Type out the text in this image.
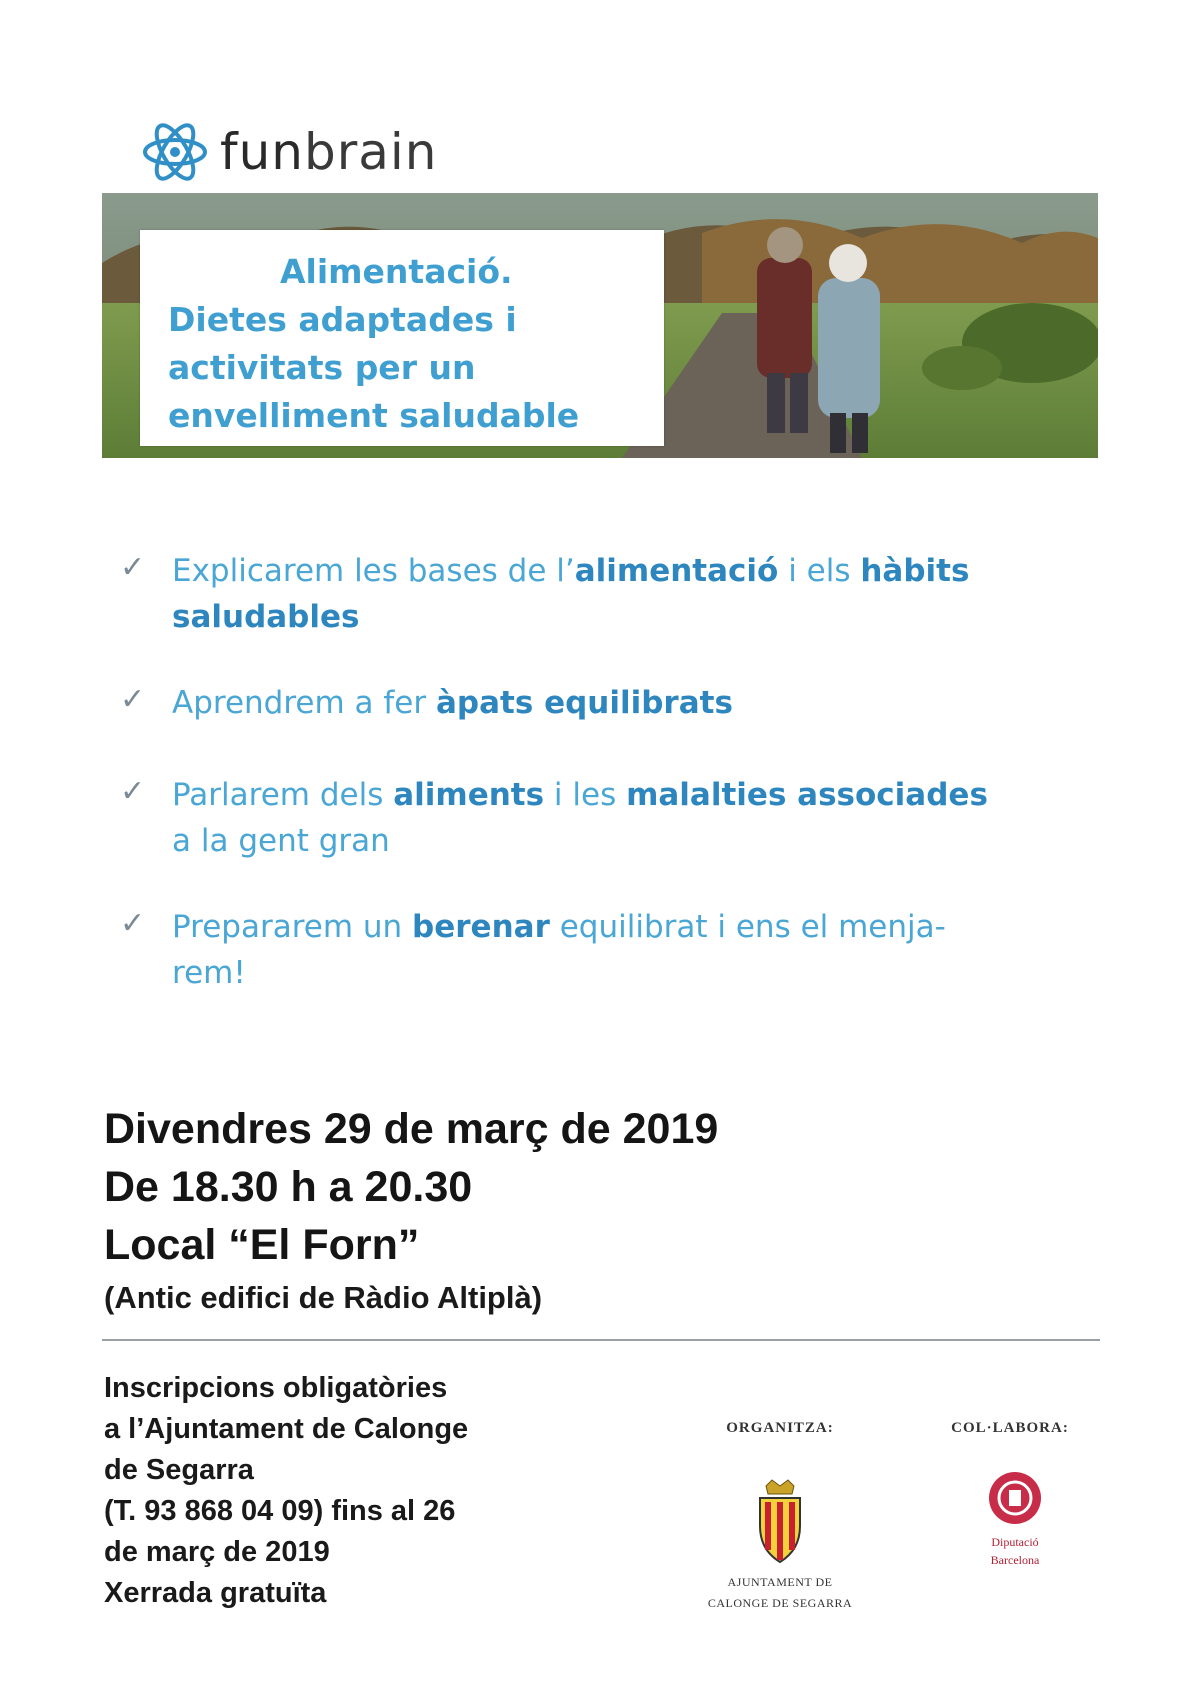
funbrain
Alimentació.
Dietes adaptades i
activitats per un
envelliment saludable
✓ Explicarem les bases de l’alimentació i els hàbits
saludables
✓ Aprendrem a fer àpats equilibrats
✓ Parlarem dels aliments i les malalties associades
a la gent gran
✓ Prepararem un berenar equilibrat i ens el menja-
rem!
Divendres 29 de març de 2019
De 18.30 h a 20.30
Local “El Forn”
(Antic edifici de Ràdio Altiplà)
Inscripcions obligatòries
a l’Ajuntament de Calonge
de Segarra
(T. 93 868 04 09) fins al 26
de març de 2019
Xerrada gratuïta
ORGANITZA:	COL·LABORA:
AJUNTAMENT DE
CALONGE DE SEGARRA
Diputació
Barcelona
